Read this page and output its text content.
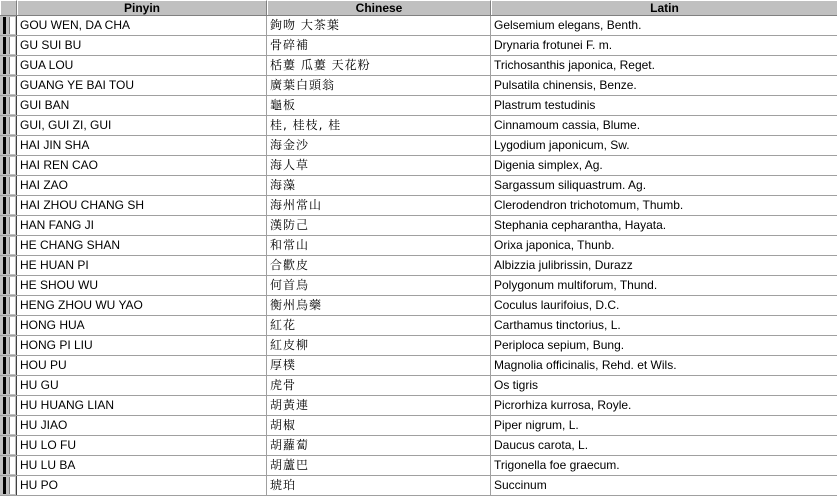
Pinyin	Chinese	Latin
GOU WEN, DA CHA	鉤吻 大茶葉	Gelsemium elegans, Benth.
GU SUI BU	骨碎補	Drynaria frotunei F. m.
GUA LOU	栝蔞 瓜蔞 天花粉	Trichosanthis japonica, Reget.
GUANG YE BAI TOU	廣葉白頭翁	Pulsatila chinensis, Benze.
GUI BAN	龜板	Plastrum testudinis
GUI, GUI ZI, GUI	桂, 桂枝, 桂	Cinnamoum cassia, Blume.
HAI JIN SHA	海金沙	Lygodium japonicum, Sw.
HAI REN CAO	海人草	Digenia simplex, Ag.
HAI ZAO	海藻	Sargassum siliquastrum. Ag.
HAI ZHOU CHANG SH	海州常山	Clerodendron trichotomum, Thumb.
HAN FANG JI	漢防己	Stephania cepharantha, Hayata.
HE CHANG SHAN	和常山	Orixa japonica, Thunb.
HE HUAN PI	合歡皮	Albizzia julibrissin, Durazz
HE SHOU WU	何首烏	Polygonum multiforum, Thund.
HENG ZHOU WU YAO	衡州烏藥	Coculus laurifoius, D.C.
HONG HUA	紅花	Carthamus tinctorius, L.
HONG PI LIU	紅皮柳	Periploca sepium, Bung.
HOU PU	厚樸	Magnolia officinalis, Rehd. et Wils.
HU GU	虎骨	Os tigris
HU HUANG LIAN	胡黃連	Picrorhiza kurrosa, Royle.
HU JIAO	胡椒	Piper nigrum, L.
HU LO FU	胡蘿蔔	Daucus carota, L.
HU LU BA	胡蘆巴	Trigonella foe graecum.
HU PO	琥珀	Succinum
